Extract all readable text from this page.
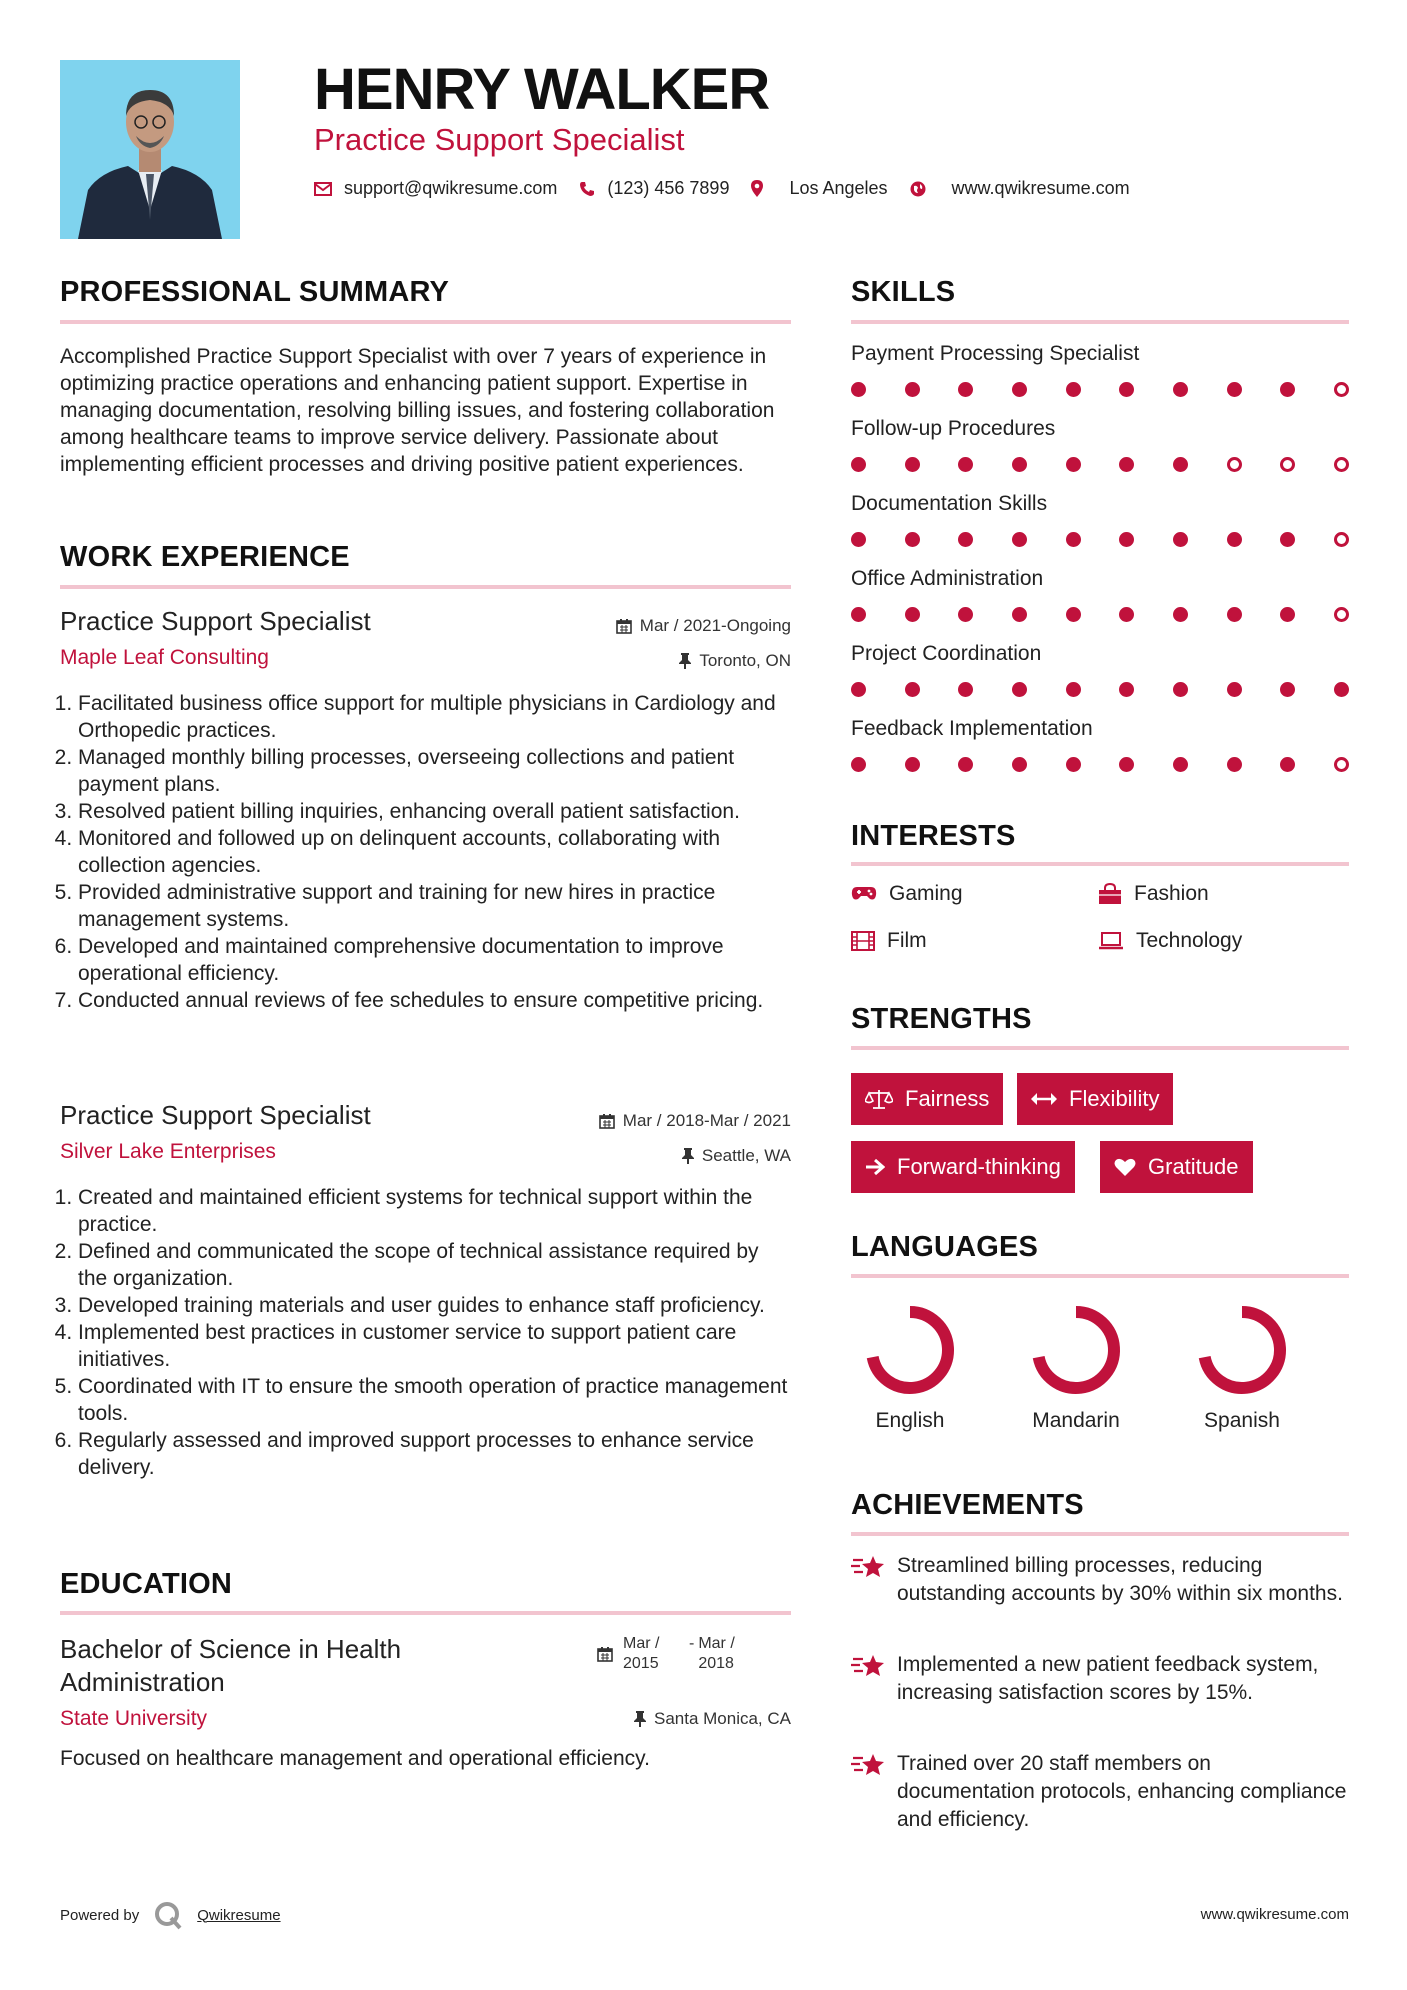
HENRY WALKER
Practice Support Specialist
support@qwikresume.com	(123) 456 7899	Los Angeles	www.qwikresume.com
PROFESSIONAL SUMMARY
Accomplished Practice Support Specialist with over 7 years of experience in optimizing practice operations and enhancing patient support. Expertise in managing documentation, resolving billing issues, and fostering collaboration among healthcare teams to improve service delivery. Passionate about implementing efficient processes and driving positive patient experiences.
WORK EXPERIENCE
Practice Support Specialist	Mar / 2021-Ongoing
Maple Leaf Consulting	Toronto, ON
1. Facilitated business office support for multiple physicians in Cardiology and Orthopedic practices.
2. Managed monthly billing processes, overseeing collections and patient payment plans.
3. Resolved patient billing inquiries, enhancing overall patient satisfaction.
4. Monitored and followed up on delinquent accounts, collaborating with collection agencies.
5. Provided administrative support and training for new hires in practice management systems.
6. Developed and maintained comprehensive documentation to improve operational efficiency.
7. Conducted annual reviews of fee schedules to ensure competitive pricing.
Practice Support Specialist	Mar / 2018-Mar / 2021
Silver Lake Enterprises	Seattle, WA
1. Created and maintained efficient systems for technical support within the practice.
2. Defined and communicated the scope of technical assistance required by the organization.
3. Developed training materials and user guides to enhance staff proficiency.
4. Implemented best practices in customer service to support patient care initiatives.
5. Coordinated with IT to ensure the smooth operation of practice management tools.
6. Regularly assessed and improved support processes to enhance service delivery.
EDUCATION
Bachelor of Science in Health Administration
Mar / 2015
- Mar / 2018
State University	Santa Monica, CA
Focused on healthcare management and operational efficiency.
SKILLS
Payment Processing Specialist
Follow-up Procedures
Documentation Skills
Office Administration
Project Coordination
Feedback Implementation
INTERESTS
Gaming	Fashion
Film	Technology
STRENGTHS
Fairness	Flexibility
Forward-thinking	Gratitude
LANGUAGES
English	Mandarin	Spanish
ACHIEVEMENTS
Streamlined billing processes, reducing outstanding accounts by 30% within six months.
Implemented a new patient feedback system, increasing satisfaction scores by 15%.
Trained over 20 staff members on documentation protocols, enhancing compliance and efficiency.
Powered by	Qwikresume	www.qwikresume.com
